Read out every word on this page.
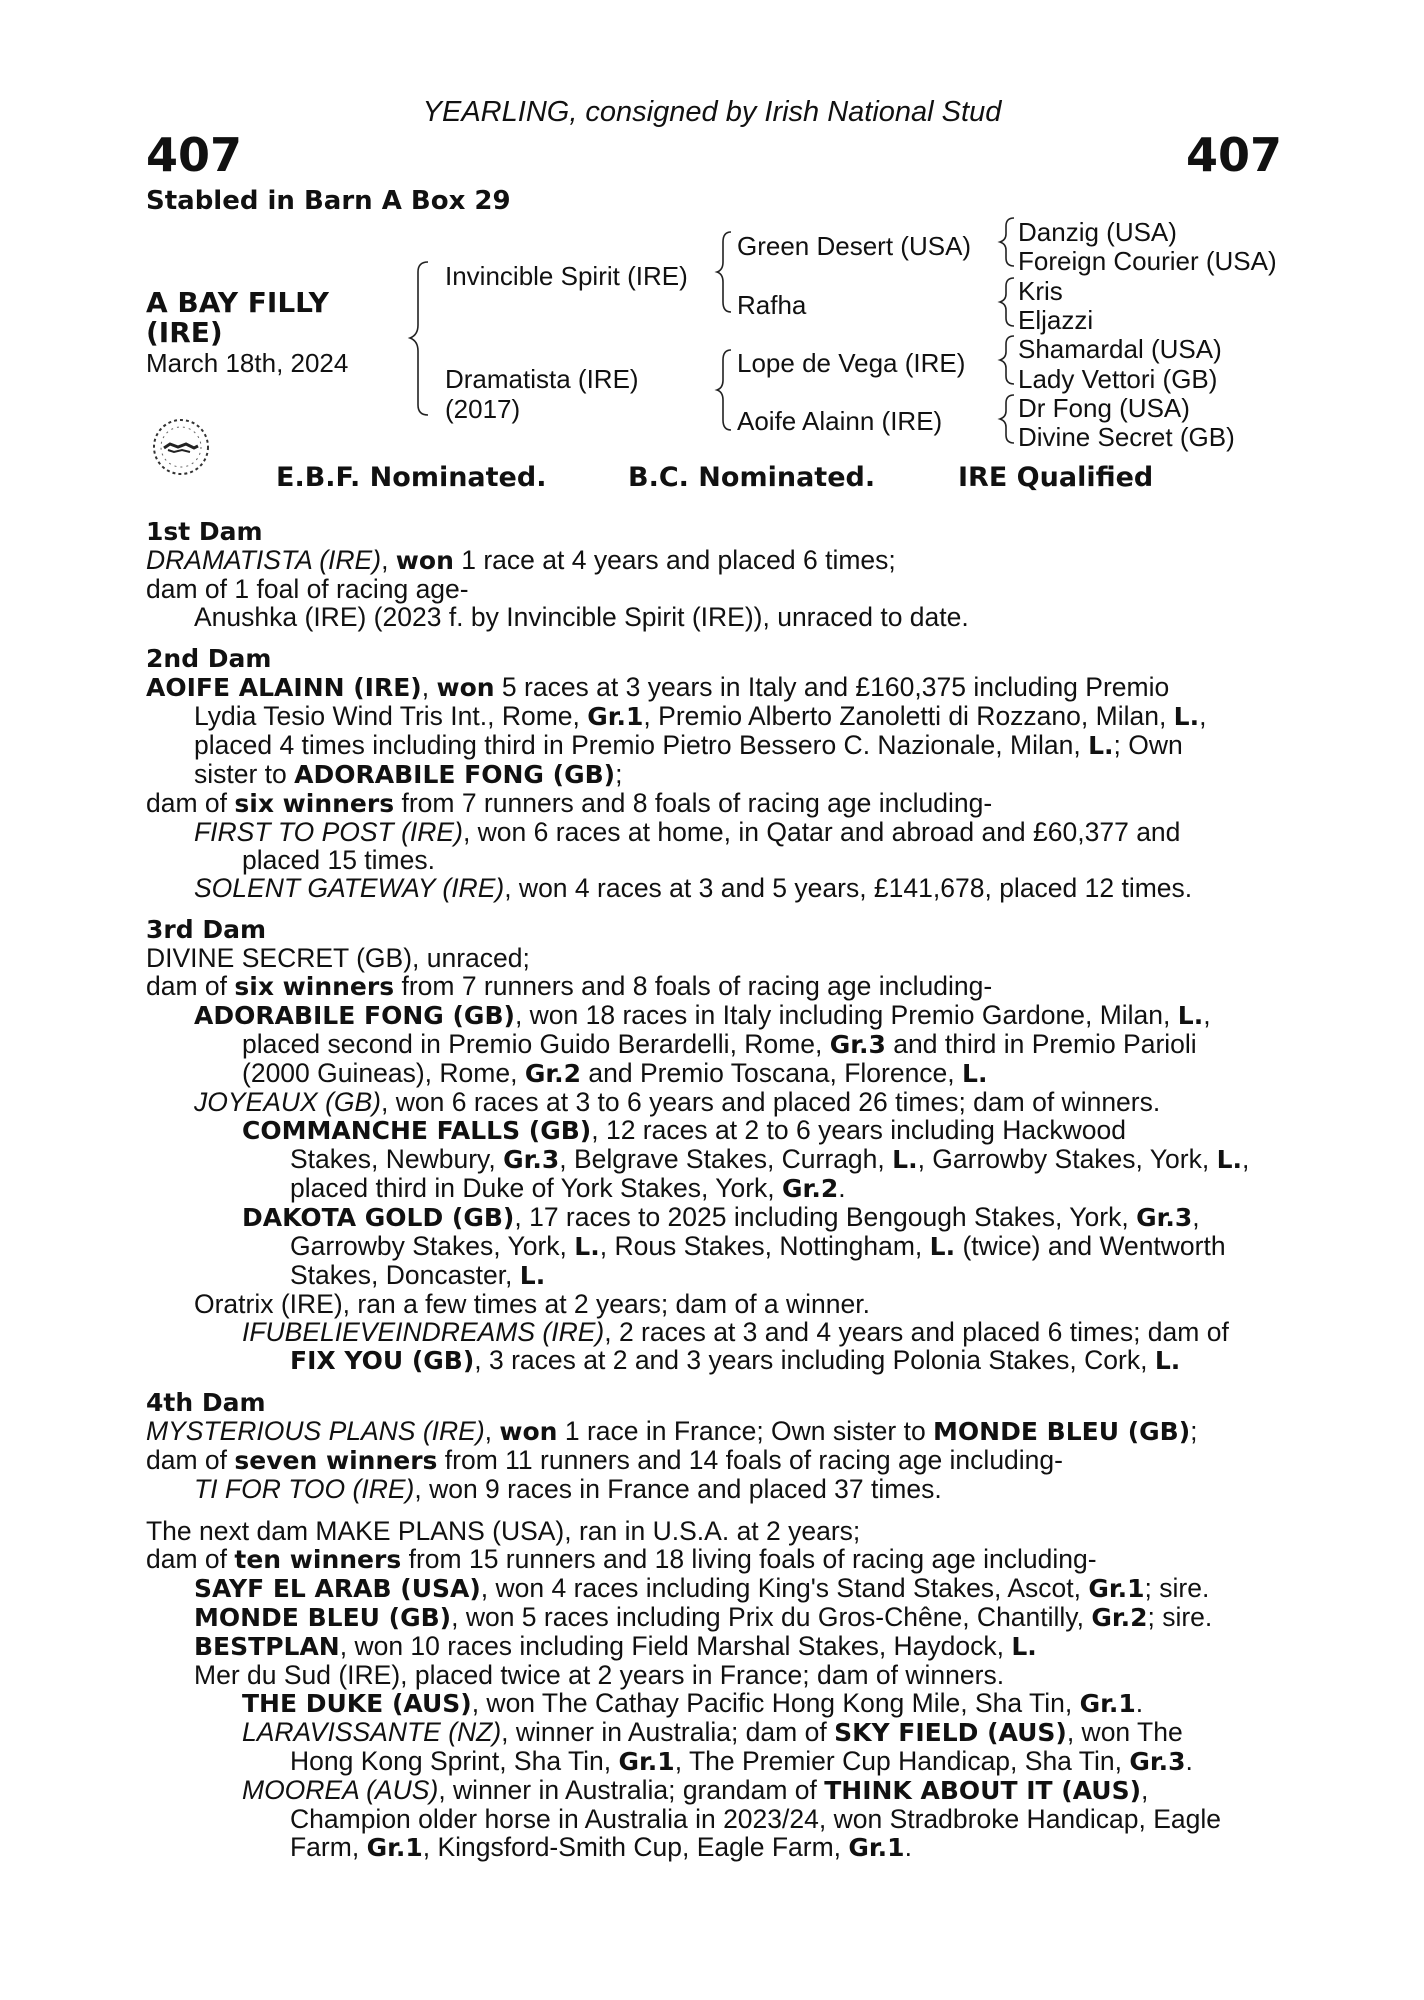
YEARLING, consigned by Irish National Stud
407	407
Stabled in Barn A Box 29
A BAY FILLY
(IRE)
March 18th, 2024
Invincible Spirit (IRE)
Dramatista (IRE)
(2017)
Green Desert (USA)
Rafha
Lope de Vega (IRE)
Aoife Alainn (IRE)
Danzig (USA)
Foreign Courier (USA)
Kris
Eljazzi
Shamardal (USA)
Lady Vettori (GB)
Dr Fong (USA)
Divine Secret (GB)
E.B.F. Nominated.	B.C. Nominated.	IRE Qualified

1st Dam

DRAMATISTA (IRE), won 1 race at 4 years and placed 6 times;

dam of 1 foal of racing age-

Anushka (IRE) (2023 f. by Invincible Spirit (IRE)), unraced to date.

2nd Dam

AOIFE ALAINN (IRE), won 5 races at 3 years in Italy and £160,375 including Premio

Lydia Tesio Wind Tris Int., Rome, Gr.1, Premio Alberto Zanoletti di Rozzano, Milan, L.,

placed 4 times including third in Premio Pietro Bessero C. Nazionale, Milan, L.; Own

sister to ADORABILE FONG (GB);

dam of six winners from 7 runners and 8 foals of racing age including-

FIRST TO POST (IRE), won 6 races at home, in Qatar and abroad and £60,377 and

placed 15 times.

SOLENT GATEWAY (IRE), won 4 races at 3 and 5 years, £141,678, placed 12 times.

3rd Dam

DIVINE SECRET (GB), unraced;

dam of six winners from 7 runners and 8 foals of racing age including-

ADORABILE FONG (GB), won 18 races in Italy including Premio Gardone, Milan, L.,

placed second in Premio Guido Berardelli, Rome, Gr.3 and third in Premio Parioli

(2000 Guineas), Rome, Gr.2 and Premio Toscana, Florence, L.

JOYEAUX (GB), won 6 races at 3 to 6 years and placed 26 times; dam of winners.

COMMANCHE FALLS (GB), 12 races at 2 to 6 years including Hackwood

Stakes, Newbury, Gr.3, Belgrave Stakes, Curragh, L., Garrowby Stakes, York, L.,

placed third in Duke of York Stakes, York, Gr.2.

DAKOTA GOLD (GB), 17 races to 2025 including Bengough Stakes, York, Gr.3,

Garrowby Stakes, York, L., Rous Stakes, Nottingham, L. (twice) and Wentworth

Stakes, Doncaster, L.

Oratrix (IRE), ran a few times at 2 years; dam of a winner.

IFUBELIEVEINDREAMS (IRE), 2 races at 3 and 4 years and placed 6 times; dam of

FIX YOU (GB), 3 races at 2 and 3 years including Polonia Stakes, Cork, L.

4th Dam

MYSTERIOUS PLANS (IRE), won 1 race in France; Own sister to MONDE BLEU (GB);

dam of seven winners from 11 runners and 14 foals of racing age including-

TI FOR TOO (IRE), won 9 races in France and placed 37 times.

The next dam MAKE PLANS (USA), ran in U.S.A. at 2 years;

dam of ten winners from 15 runners and 18 living foals of racing age including-

SAYF EL ARAB (USA), won 4 races including King's Stand Stakes, Ascot, Gr.1; sire.

MONDE BLEU (GB), won 5 races including Prix du Gros-Chêne, Chantilly, Gr.2; sire.

BESTPLAN, won 10 races including Field Marshal Stakes, Haydock, L.

Mer du Sud (IRE), placed twice at 2 years in France; dam of winners.

THE DUKE (AUS), won The Cathay Pacific Hong Kong Mile, Sha Tin, Gr.1.

LARAVISSANTE (NZ), winner in Australia; dam of SKY FIELD (AUS), won The

Hong Kong Sprint, Sha Tin, Gr.1, The Premier Cup Handicap, Sha Tin, Gr.3.

MOOREA (AUS), winner in Australia; grandam of THINK ABOUT IT (AUS),

Champion older horse in Australia in 2023/24, won Stradbroke Handicap, Eagle

Farm, Gr.1, Kingsford-Smith Cup, Eagle Farm, Gr.1.
